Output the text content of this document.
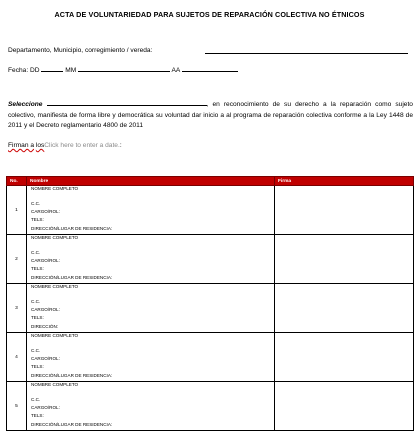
ACTA DE VOLUNTARIEDAD PARA SUJETOS DE REPARACIÓN COLECTIVA NO ÉTNICOS
Departamento, Municipio, corregimiento / vereda:
Fecha: DD	MM	AA
Seleccione	, en reconocimiento de su derecho a la reparación como sujeto colectivo, manifiesta de forma libre y democrática su voluntad dar inicio a al programa de reparación colectiva conforme a la Ley 1448 de 2011 y el Decreto reglamentario 4800 de 2011
Firman a losClick here to enter a date.:
No.	Nombre	Firma
1	NOMBRE COMPLETO
C.C.
CARGO/ROL:
TELS:
DIRECCIÓN/LUGAR DE RESIDENCIA:	

2	NOMBRE COMPLETO
C.C.
CARGO/ROL:
TELS:
DIRECCIÓN/LUGAR DE RESIDENCIA:	

3	NOMBRE COMPLETO
C.C.
CARGO/ROL:
TELS:
DIRECCIÓN:	

4	NOMBRE COMPLETO
C.C.
CARGO/ROL:
TELS:
DIRECCIÓN/LUGAR DE RESIDENCIA:	

5	NOMBRE COMPLETO
C.C.
CARGO/ROL:
TELS:
DIRECCIÓN/LUGAR DE RESIDENCIA:	
